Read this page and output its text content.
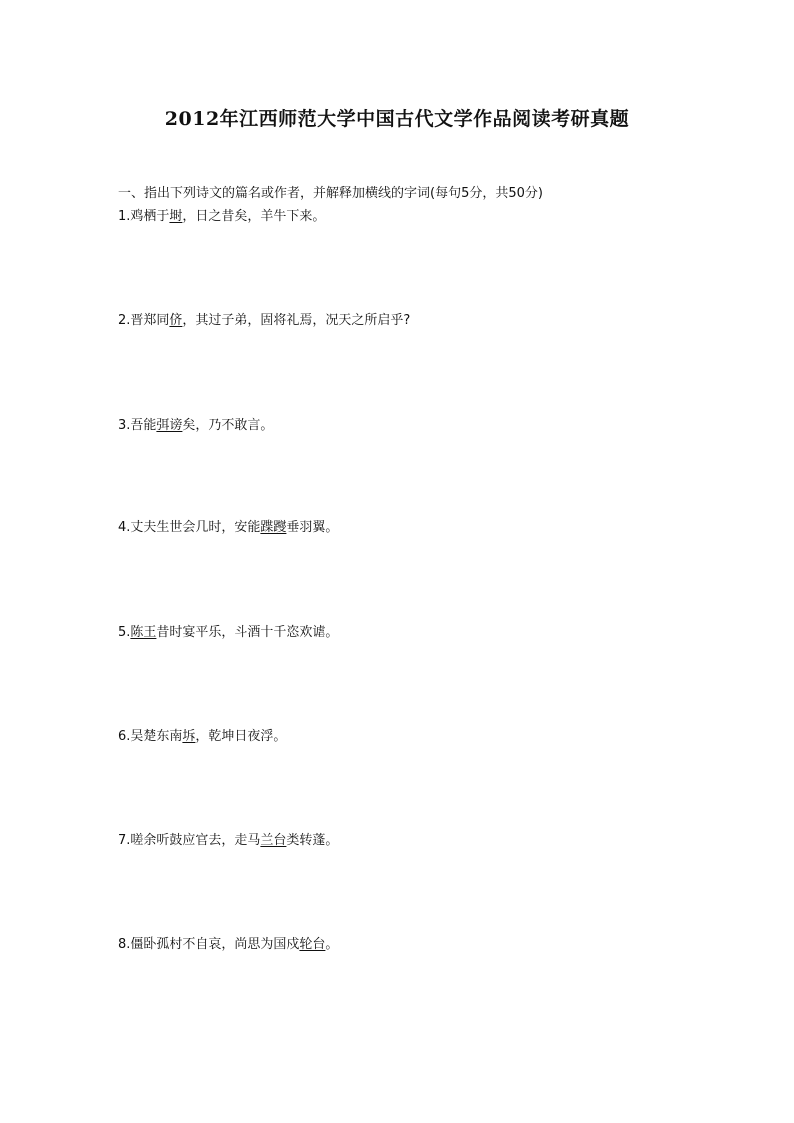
2012年江西师范大学中国古代文学作品阅读考研真题
一、指出下列诗文的篇名或作者，并解释加横线的字词(每句5分，共50分)
1.鸡栖于埘，日之昔矣，羊牛下来。
2.晋郑同侪，其过子弟，固将礼焉，况天之所启乎?
3.吾能弭谤矣，乃不敢言。
4.丈夫生世会几时，安能蹀躞垂羽翼。
5.陈王昔时宴平乐，斗酒十千恣欢谑。
6.吴楚东南坼，乾坤日夜浮。
7.嗟余听鼓应官去，走马兰台类转蓬。
8.僵卧孤村不自哀，尚思为国戍轮台。
